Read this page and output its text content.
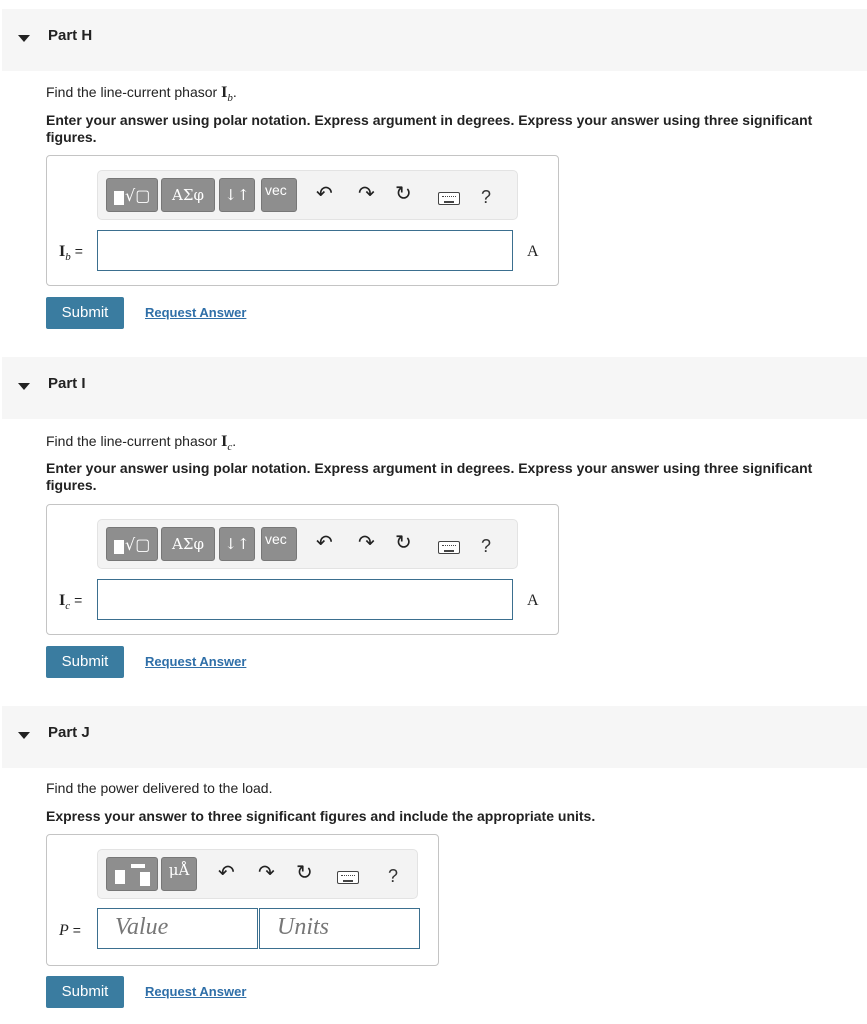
Part H
Find the line-current phasor $I_b$.
Enter your answer using polar notation. Express argument in degrees. Express your answer using three significant figures.
√▢	ΑΣφ	↓↑	vec	↶ ↷ ↻	?
$I_b$ =	A
Submit	Request Answer
Part I
Find the line-current phasor $I_c$.
Enter your answer using polar notation. Express argument in degrees. Express your answer using three significant figures.
√▢	ΑΣφ	↓↑	vec	↶ ↷ ↻	?
$I_c$ =	A
Submit	Request Answer
Part J
Find the power delivered to the load.
Express your answer to three significant figures and include the appropriate units.
μÅ	↶ ↷ ↻	?
P = Value	Units
Submit	Request Answer
